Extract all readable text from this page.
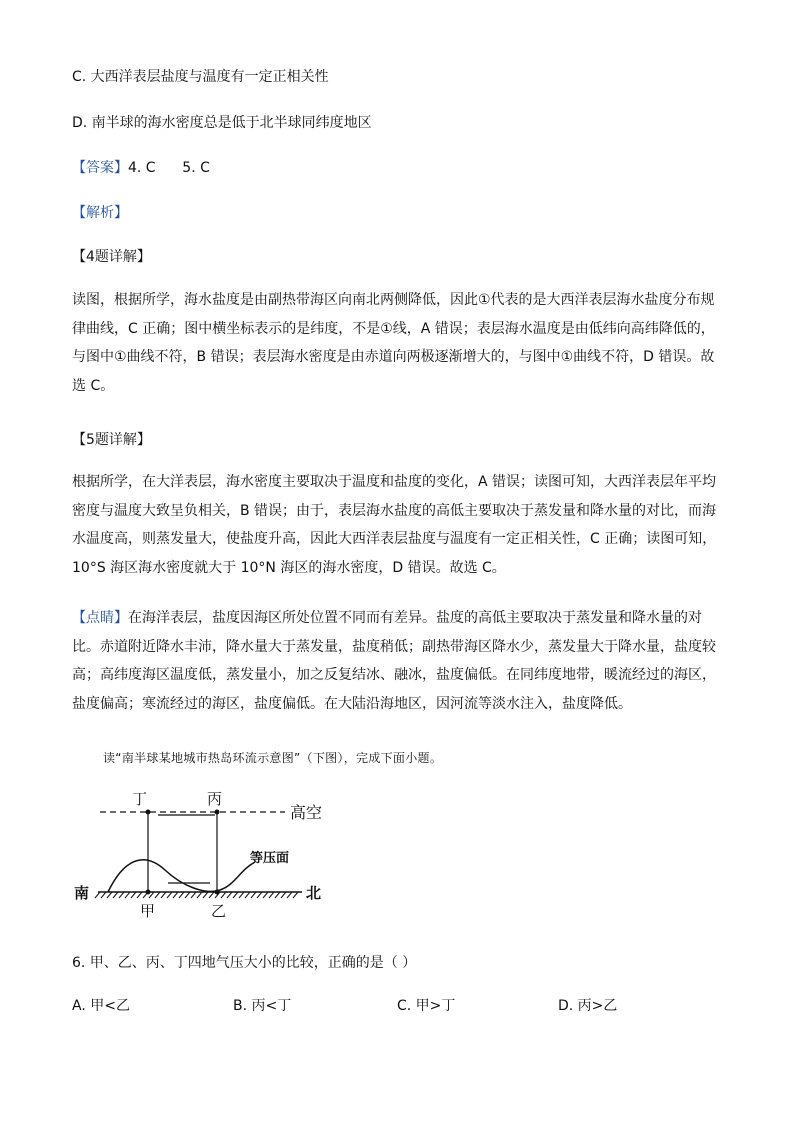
C. 大西洋表层盐度与温度有一定正相关性
D. 南半球的海水密度总是低于北半球同纬度地区
【答案】4. C      5. C
【解析】
【4题详解】
读图，根据所学，海水盐度是由副热带海区向南北两侧降低，因此①代表的是大西洋表层海水盐度分布规
律曲线，C 正确；图中横坐标表示的是纬度，不是①线，A 错误；表层海水温度是由低纬向高纬降低的，
与图中①曲线不符，B 错误；表层海水密度是由赤道向两极逐渐增大的，与图中①曲线不符，D 错误。故
选 C。
【5题详解】
根据所学，在大洋表层，海水密度主要取决于温度和盐度的变化，A 错误；读图可知，大西洋表层年平均
密度与温度大致呈负相关，B 错误；由于，表层海水盐度的高低主要取决于蒸发量和降水量的对比，而海
水温度高，则蒸发量大，使盐度升高，因此大西洋表层盐度与温度有一定正相关性，C 正确；读图可知，
10°S 海区海水密度就大于 10°N 海区的海水密度，D 错误。故选 C。
【点睛】在海洋表层，盐度因海区所处位置不同而有差异。盐度的高低主要取决于蒸发量和降水量的对
比。赤道附近降水丰沛，降水量大于蒸发量，盐度稍低；副热带海区降水少，蒸发量大于降水量，盐度较
高；高纬度海区温度低，蒸发量小，加之反复结冰、融冰，盐度偏低。在同纬度地带，暖流经过的海区，
盐度偏高；寒流经过的海区，盐度偏低。在大陆沿海地区，因河流等淡水注入，盐度降低。
读“南半球某地城市热岛环流示意图”（下图），完成下面小题。
丁	丙
高空
等压面
南	北
甲	乙
6. 甲、乙、丙、丁四地气压大小的比较，正确的是（ ）
A. 甲<乙	B. 丙<丁	C. 甲>丁	D. 丙>乙
